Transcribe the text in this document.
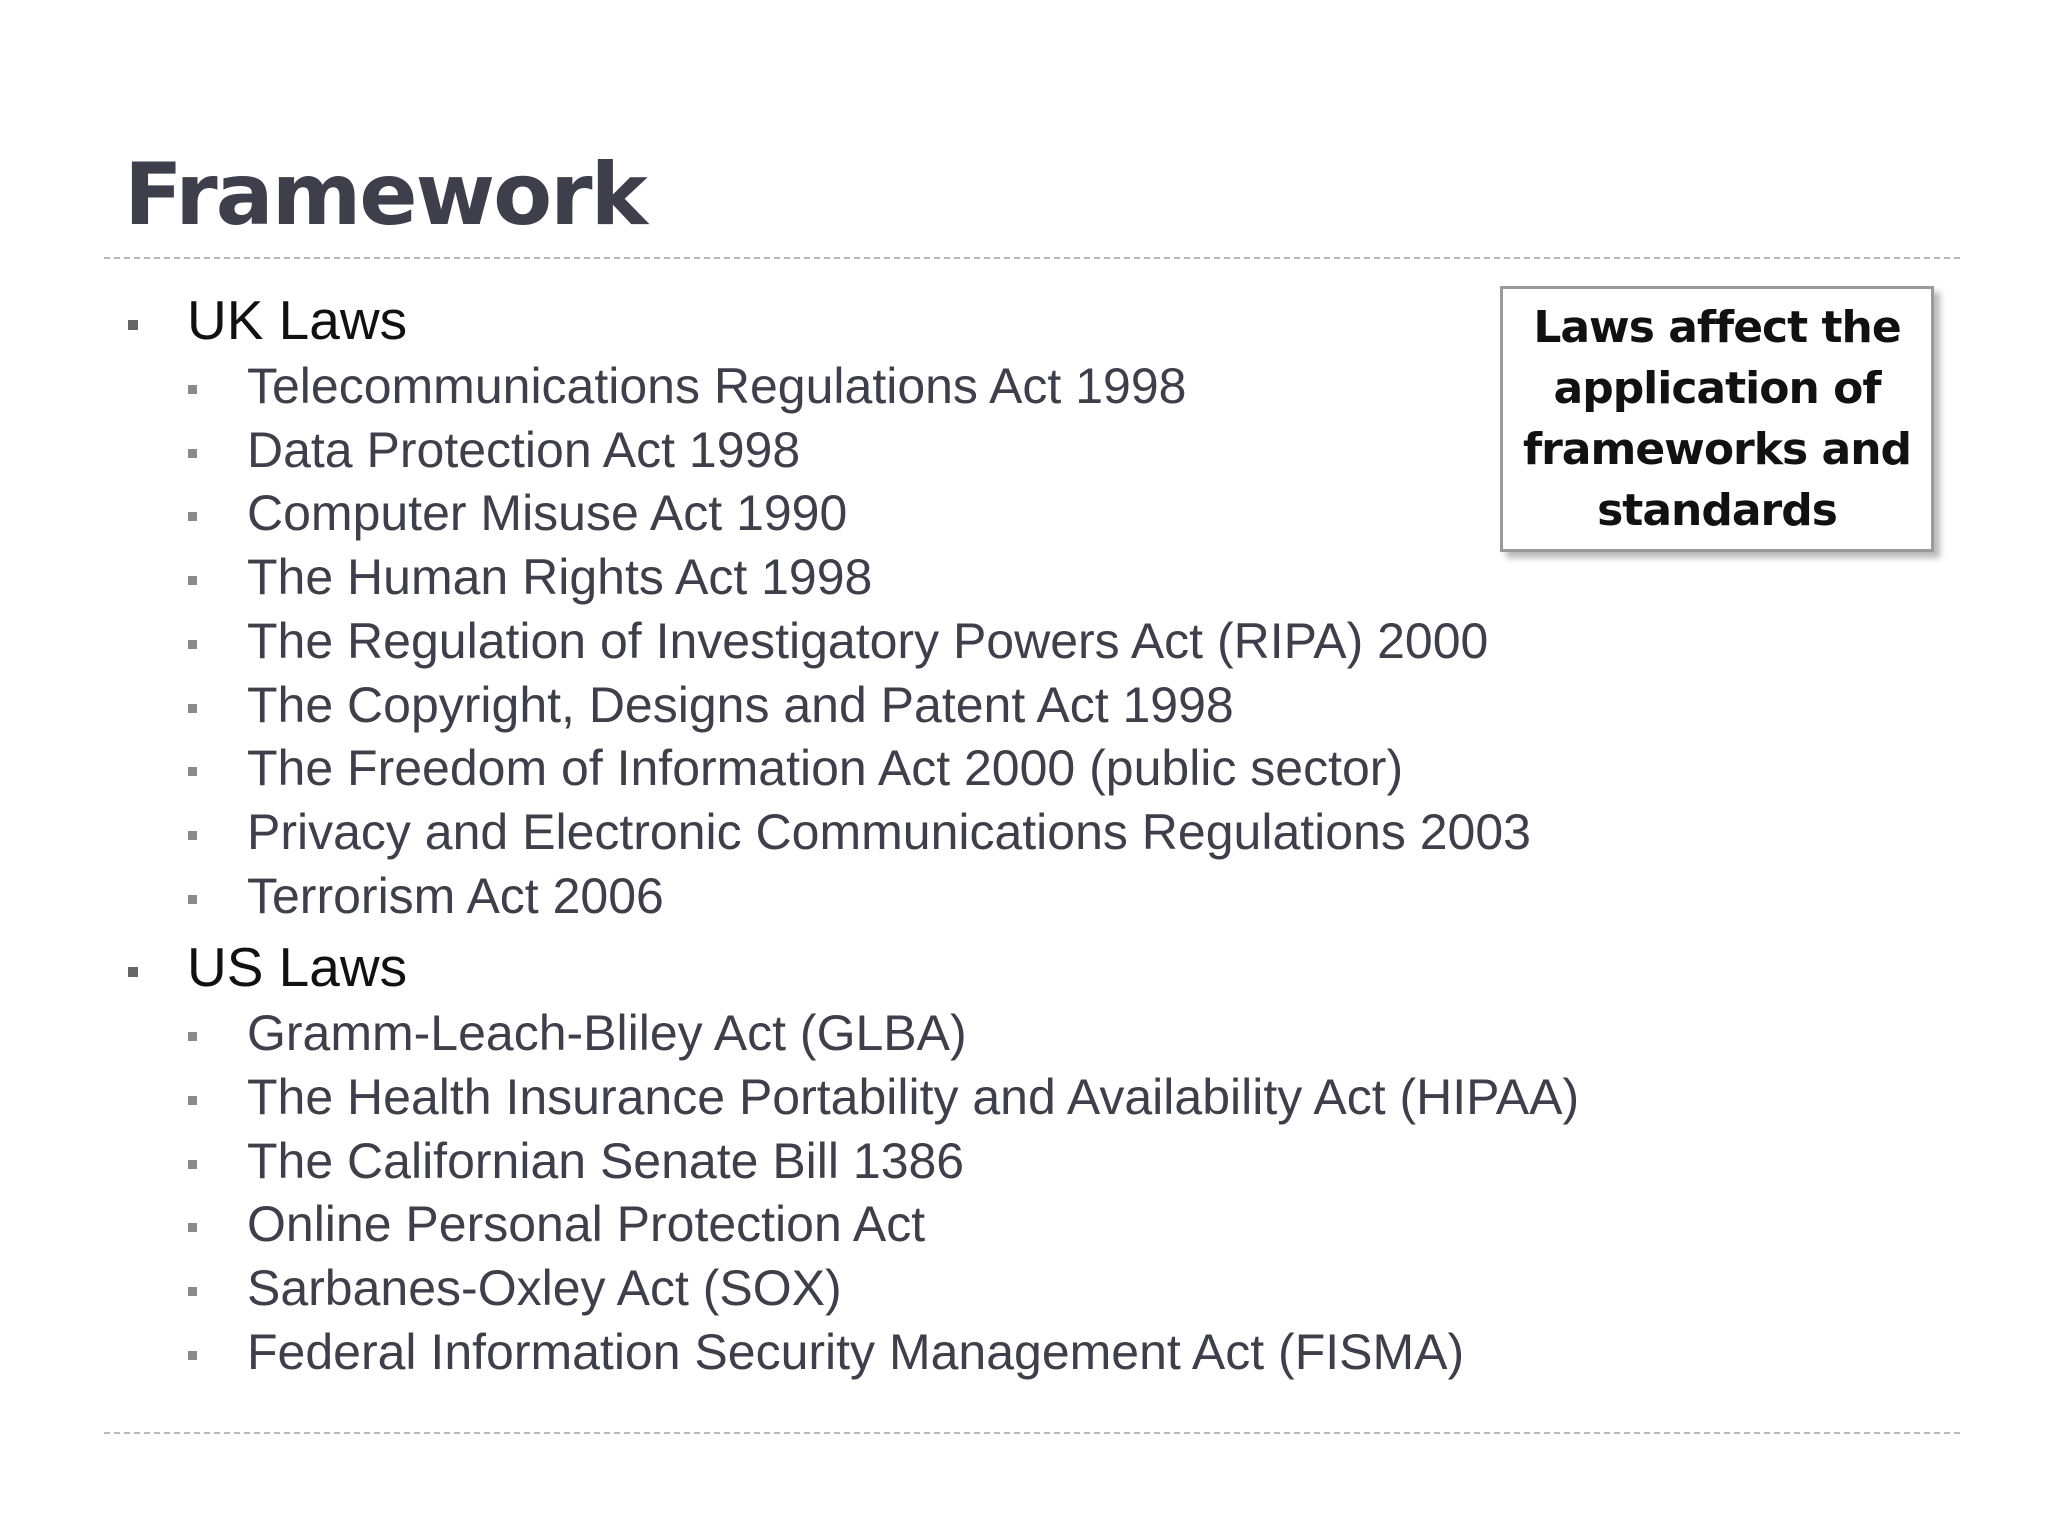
Framework
UK Laws
Telecommunications Regulations Act 1998
Data Protection Act 1998
Computer Misuse Act 1990
The Human Rights Act 1998
The Regulation of Investigatory Powers Act (RIPA) 2000
The Copyright, Designs and Patent Act 1998
The Freedom of Information Act 2000 (public sector)
Privacy and Electronic Communications Regulations 2003
Terrorism Act 2006
US Laws
Gramm-Leach-Bliley Act (GLBA)
The Health Insurance Portability and Availability Act (HIPAA)
The Californian Senate Bill 1386
Online Personal Protection Act
Sarbanes-Oxley Act (SOX)
Federal Information Security Management Act (FISMA)
Laws affect the application of frameworks and standards
